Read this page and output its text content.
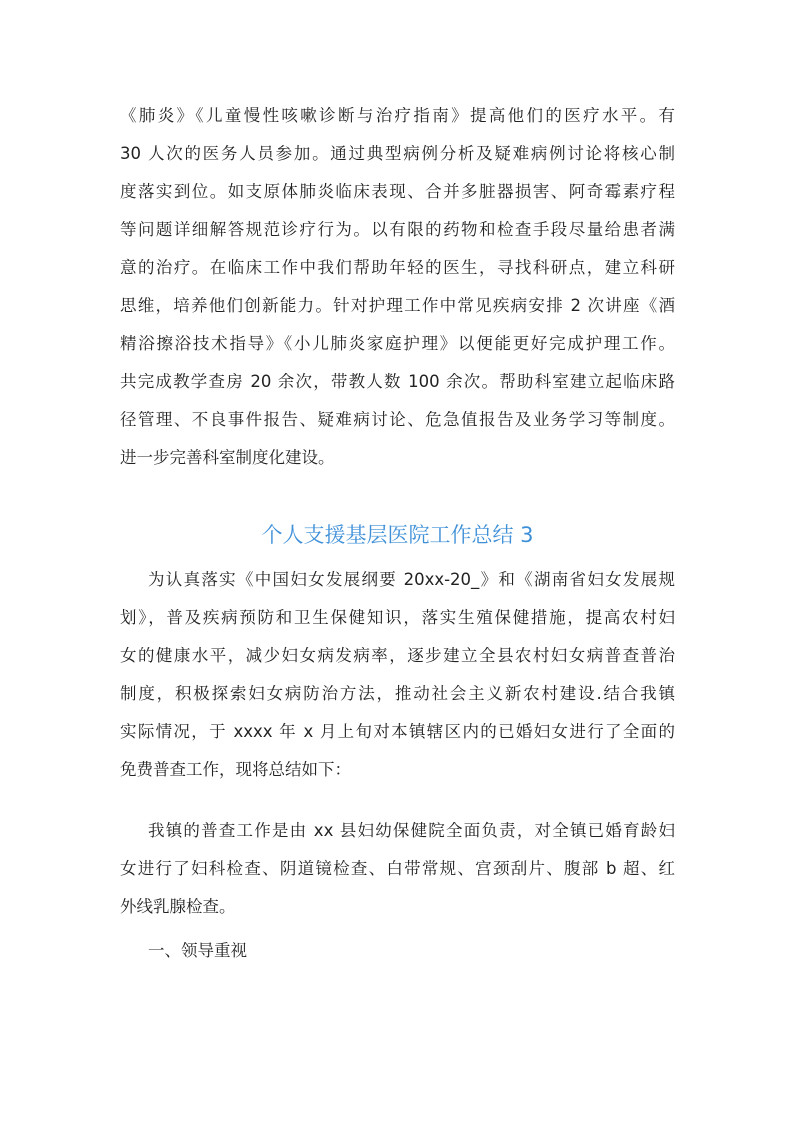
《肺炎》《儿童慢性咳嗽诊断与治疗指南》提高他们的医疗水平。有
30 人次的医务人员参加。通过典型病例分析及疑难病例讨论将核心制
度落实到位。如支原体肺炎临床表现、合并多脏器损害、阿奇霉素疗程
等问题详细解答规范诊疗行为。以有限的药物和检查手段尽量给患者满
意的治疗。在临床工作中我们帮助年轻的医生，寻找科研点，建立科研
思维，培养他们创新能力。针对护理工作中常见疾病安排 2 次讲座《酒
精浴擦浴技术指导》《小儿肺炎家庭护理》以便能更好完成护理工作。
共完成教学查房 20 余次，带教人数 100 余次。帮助科室建立起临床路
径管理、不良事件报告、疑难病讨论、危急值报告及业务学习等制度。
进一步完善科室制度化建设。
个人支援基层医院工作总结 3
为认真落实《中国妇女发展纲要 20xx-20_》和《湖南省妇女发展规
划》，普及疾病预防和卫生保健知识，落实生殖保健措施，提高农村妇
女的健康水平，减少妇女病发病率，逐步建立全县农村妇女病普查普治
制度，积极探索妇女病防治方法，推动社会主义新农村建设.结合我镇
实际情况，于 xxxx 年 x 月上旬对本镇辖区内的已婚妇女进行了全面的
免费普查工作，现将总结如下：
我镇的普查工作是由 xx 县妇幼保健院全面负责，对全镇已婚育龄妇
女进行了妇科检查、阴道镜检查、白带常规、宫颈刮片、腹部 b 超、红
外线乳腺检查。
一、领导重视
